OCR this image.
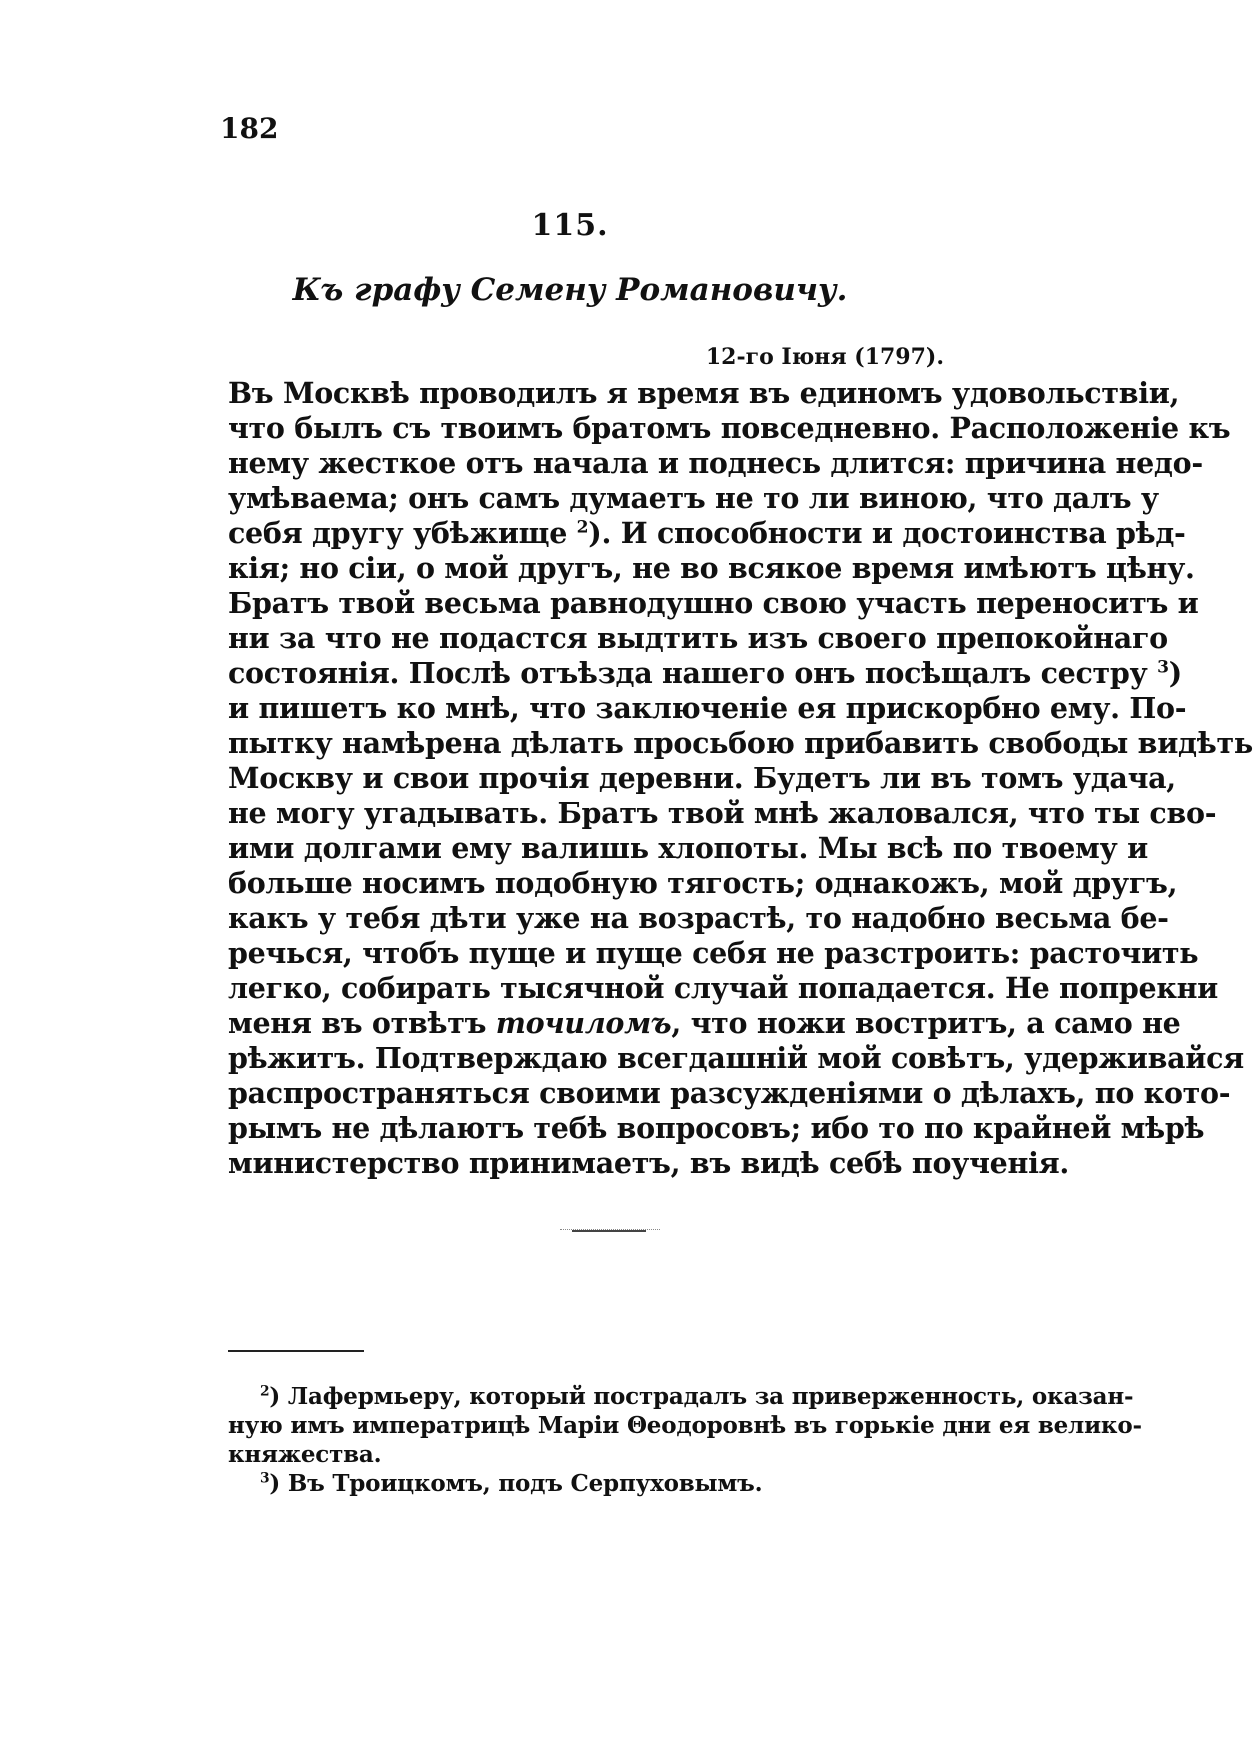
182
115.
Къ графу Семену Романовичу.
12-го Іюня (1797).
Въ Москвѣ проводилъ я время въ единомъ удовольствіи,
что былъ съ твоимъ братомъ повседневно. Расположеніе къ
нему жесткое отъ начала и поднесь длится: причина недо-
умѣваема; онъ самъ думаетъ не то ли виною, что далъ у
себя другу убѣжище $^2$). И способности и достоинства рѣд-
кія; но сіи, о мой другъ, не во всякое время имѣютъ цѣну.
Братъ твой весьма равнодушно свою участь переноситъ и
ни за что не подастся выдтить изъ своего препокойнаго
состоянія. Послѣ отъѣзда нашего онъ посѣщалъ сестру $^3$)
и пишетъ ко мнѣ, что заключеніе ея прискорбно ему. По-
пытку намѣрена дѣлать просьбою прибавить свободы видѣть
Москву и свои прочія деревни. Будетъ ли въ томъ удача,
не могу угадывать. Братъ твой мнѣ жаловался, что ты сво-
ими долгами ему валишь хлопоты. Мы всѣ по твоему и
больше носимъ подобную тягость; однакожъ, мой другъ,
какъ у тебя дѣти уже на возрастѣ, то надобно весьма бе-
речься, чтобъ пуще и пуще себя не разстроить: расточить
легко, собирать тысячной случай попадается. Не попрекни
меня въ отвѣтъ точиломъ, что ножи востритъ, а само не
рѣжитъ. Подтверждаю всегдашній мой совѣтъ, удерживайся
распространяться своими разсужденіями о дѣлахъ, по кото-
рымъ не дѣлаютъ тебѣ вопросовъ; ибо то по крайней мѣрѣ
министерство принимаетъ, въ видѣ себѣ поученія.
$^2$) Лафермьеру, который пострадалъ за приверженность, оказан-
ную имъ императрицѣ Маріи Θеодоровнѣ въ горькіе дни ея велико-
княжества.
$^3$) Въ Троицкомъ, подъ Серпуховымъ.
